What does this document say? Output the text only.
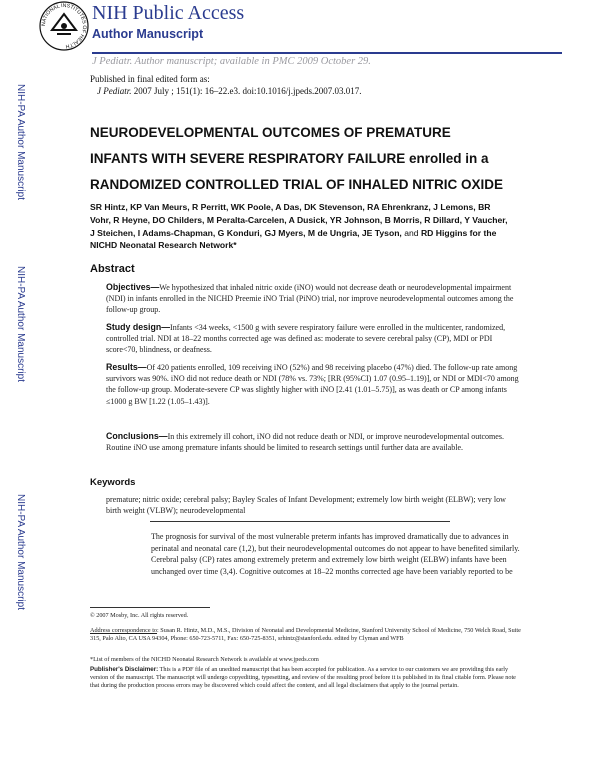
NATIONAL INSTITUTES OF HEALTH
NIH Public Access
Author Manuscript
J Pediatr. Author manuscript; available in PMC 2009 October 29.
Published in final edited form as:
J Pediatr. 2007 July ; 151(1): 16–22.e3. doi:10.1016/j.jpeds.2007.03.017.
NIH-PA Author Manuscript
NIH-PA Author Manuscript
NIH-PA Author Manuscript
NEURODEVELOPMENTAL OUTCOMES OF PREMATURE INFANTS WITH SEVERE RESPIRATORY FAILURE enrolled in a RANDOMIZED CONTROLLED TRIAL OF INHALED NITRIC OXIDE
SR Hintz, KP Van Meurs, R Perritt, WK Poole, A Das, DK Stevenson, RA Ehrenkranz, J Lemons, BR Vohr, R Heyne, DO Childers, M Peralta-Carcelen, A Dusick, YR Johnson, B Morris, R Dillard, Y Vaucher, J Steichen, I Adams-Chapman, G Konduri, GJ Myers, M de Ungria, JE Tyson, and RD Higgins for the NICHD Neonatal Research Network*
Abstract
Objectives—We hypothesized that inhaled nitric oxide (iNO) would not decrease death or neurodevelopmental impairment (NDI) in infants enrolled in the NICHD Preemie iNO Trial (PiNO) trial, nor improve neurodevelopmental outcomes among the follow-up group.
Study design—Infants <34 weeks, <1500 g with severe respiratory failure were enrolled in the multicenter, randomized, controlled trial. NDI at 18–22 months corrected age was defined as: moderate to severe cerebral palsy (CP), MDI or PDI score<70, blindness, or deafness.
Results—Of 420 patients enrolled, 109 receiving iNO (52%) and 98 receiving placebo (47%) died. The follow-up rate among survivors was 90%. iNO did not reduce death or NDI (78% vs. 73%; [RR (95%CI) 1.07 (0.95–1.19)], or NDI or MDI<70 among the follow-up group. Moderate-severe CP was slightly higher with iNO [2.41 (1.01–5.75)], as was death or CP among infants ≤1000 g BW [1.22 (1.05–1.43)].
Conclusions—In this extremely ill cohort, iNO did not reduce death or NDI, or improve neurodevelopmental outcomes. Routine iNO use among premature infants should be limited to research settings until further data are available.
Keywords
premature; nitric oxide; cerebral palsy; Bayley Scales of Infant Development; extremely low birth weight (ELBW); very low birth weight (VLBW); neurodevelopmental
The prognosis for survival of the most vulnerable preterm infants has improved dramatically due to advances in perinatal and neonatal care (1,2), but their neurodevelopmental outcomes do not appear to have benefited similarly. Cerebral palsy (CP) rates among extremely preterm and extremely low birth weight (ELBW) infants have been unchanged over time (3,4). Cognitive outcomes at 18–22 months corrected age have been variably reported to be
© 2007 Mosby, Inc. All rights reserved.
Address correspondence to: Susan R. Hintz, M.D., M.S., Division of Neonatal and Developmental Medicine, Stanford University School of Medicine, 750 Welch Road, Suite 315, Palo Alto, CA USA 94304, Phone: 650-723-5711, Fax: 650-725-8351, srhintz@stanford.edu. edited by Clyman and WFB
*List of members of the NICHD Neonatal Research Network is available at www.jpeds.com
Publisher's Disclaimer: This is a PDF file of an unedited manuscript that has been accepted for publication. As a service to our customers we are providing this early version of the manuscript. The manuscript will undergo copyediting, typesetting, and review of the resulting proof before it is published in its final citable form. Please note that during the production process errors may be discovered which could affect the content, and all legal disclaimers that apply to the journal pertain.
